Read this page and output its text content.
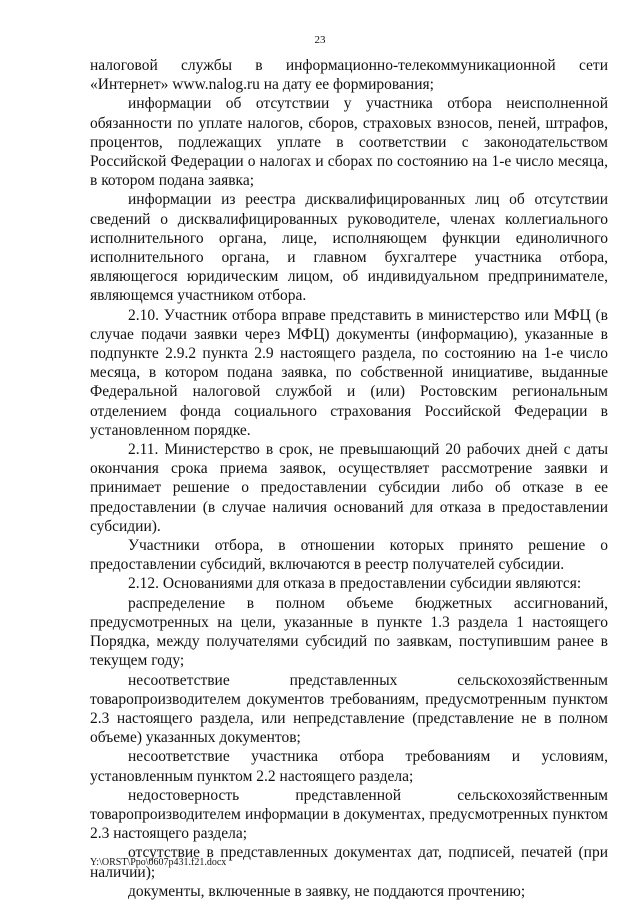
23

налоговой службы в информационно-телекоммуникационной сети «Интернет» www.nalog.ru на дату ее формирования;

информации об отсутствии у участника отбора неисполненной обязанности по уплате налогов, сборов, страховых взносов, пеней, штрафов, процентов, подлежащих уплате в соответствии с законодательством Российской Федерации о налогах и сборах по состоянию на 1-е число месяца, в котором подана заявка;

информации из реестра дисквалифицированных лиц об отсутствии сведений о дисквалифицированных руководителе, членах коллегиального исполнительного органа, лице, исполняющем функции единоличного исполнительного органа, и главном бухгалтере участника отбора, являющегося юридическим лицом, об индивидуальном предпринимателе, являющемся участником отбора.

2.10. Участник отбора вправе представить в министерство или МФЦ (в случае подачи заявки через МФЦ) документы (информацию), указанные в подпункте 2.9.2 пункта 2.9 настоящего раздела, по состоянию на 1-е число месяца, в котором подана заявка, по собственной инициативе, выданные Федеральной налоговой службой и (или) Ростовским региональным отделением фонда социального страхования Российской Федерации в установленном порядке.

2.11. Министерство в срок, не превышающий 20 рабочих дней с даты окончания срока приема заявок, осуществляет рассмотрение заявки и принимает решение о предоставлении субсидии либо об отказе в ее предоставлении (в случае наличия оснований для отказа в предоставлении субсидии).

Участники отбора, в отношении которых принято решение о предоставлении субсидий, включаются в реестр получателей субсидии.

2.12. Основаниями для отказа в предоставлении субсидии являются:

распределение в полном объеме бюджетных ассигнований, предусмотренных на цели, указанные в пункте 1.3 раздела 1 настоящего Порядка, между получателями субсидий по заявкам, поступившим ранее в текущем году;

несоответствие представленных сельскохозяйственным товаропроизводителем документов требованиям, предусмотренным пунктом 2.3 настоящего раздела, или непредставление (представление не в полном объеме) указанных документов;

несоответствие участника отбора требованиям и условиям, установленным пунктом 2.2 настоящего раздела;

недостоверность представленной сельскохозяйственным товаропроизводителем информации в документах, предусмотренных пунктом 2.3 настоящего раздела;

отсутствие в представленных документах дат, подписей, печатей (при наличии);

документы, включенные в заявку, не поддаются прочтению;

Y:\ORST\Ppo\0607p431.f21.docx
